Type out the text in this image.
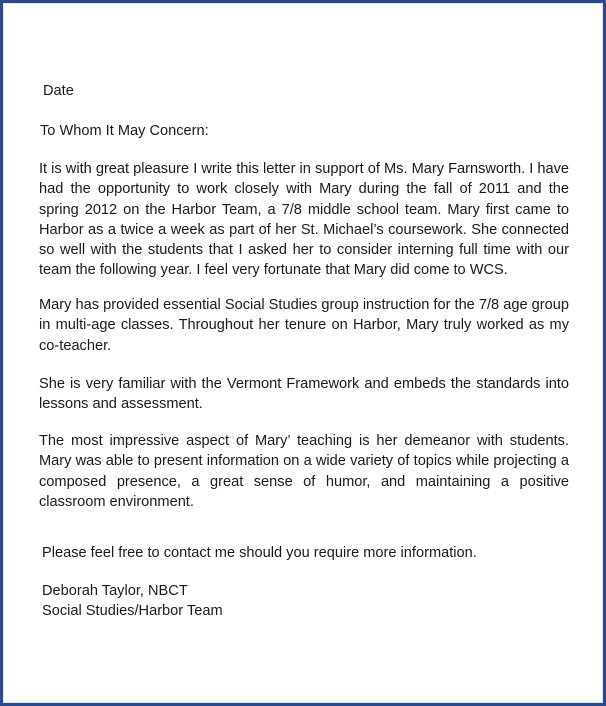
Date
To Whom It May Concern:
It is with great pleasure I write this letter in support of Ms. Mary Farnsworth. I have had the opportunity to work closely with Mary during the fall of 2011 and the spring 2012 on the Harbor Team, a 7/8 middle school team. Mary first came to Harbor as a twice a week as part of her St. Michael’s coursework. She connected so well with the students that I asked her to consider interning full time with our team the following year. I feel very fortunate that Mary did come to WCS.
Mary has provided essential Social Studies group instruction for the 7/8 age group in multi-age classes. Throughout her tenure on Harbor, Mary truly worked as my co-teacher.
She is very familiar with the Vermont Framework and embeds the standards into lessons and assessment.
The most impressive aspect of Mary’ teaching is her demeanor with students. Mary was able to present information on a wide variety of topics while projecting a composed presence, a great sense of humor, and maintaining a positive classroom environment.
Please feel free to contact me should you require more information.
Deborah Taylor, NBCT
Social Studies/Harbor Team
